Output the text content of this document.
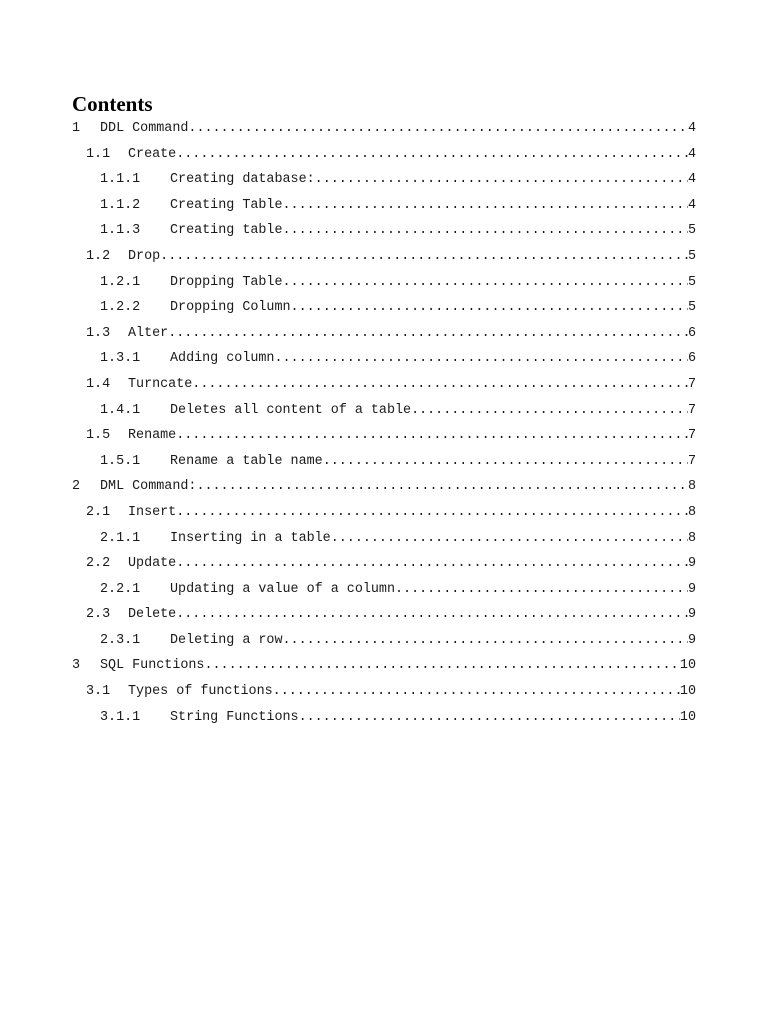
Contents
1	DDL Command .....	4
1.1	Create .....	4
1.1.1	Creating database: .....	4
1.1.2	Creating Table .....	4
1.1.3	Creating table .....	5
1.2	Drop .....	5
1.2.1	Dropping Table .....	5
1.2.2	Dropping Column .....	5
1.3	Alter .....	6
1.3.1	Adding column .....	6
1.4	Turncate .....	7
1.4.1	Deletes all content of a table .....	7
1.5	Rename .....	7
1.5.1	Rename a table name .....	7
2	DML Command: .....	8
2.1	Insert .....	8
2.1.1	Inserting in a table .....	8
2.2	Update .....	9
2.2.1	Updating a value of a column .....	9
2.3	Delete .....	9
2.3.1	Deleting a row .....	9
3	SQL Functions .....	10
3.1	Types of functions .....	10
3.1.1	String Functions .....	10
